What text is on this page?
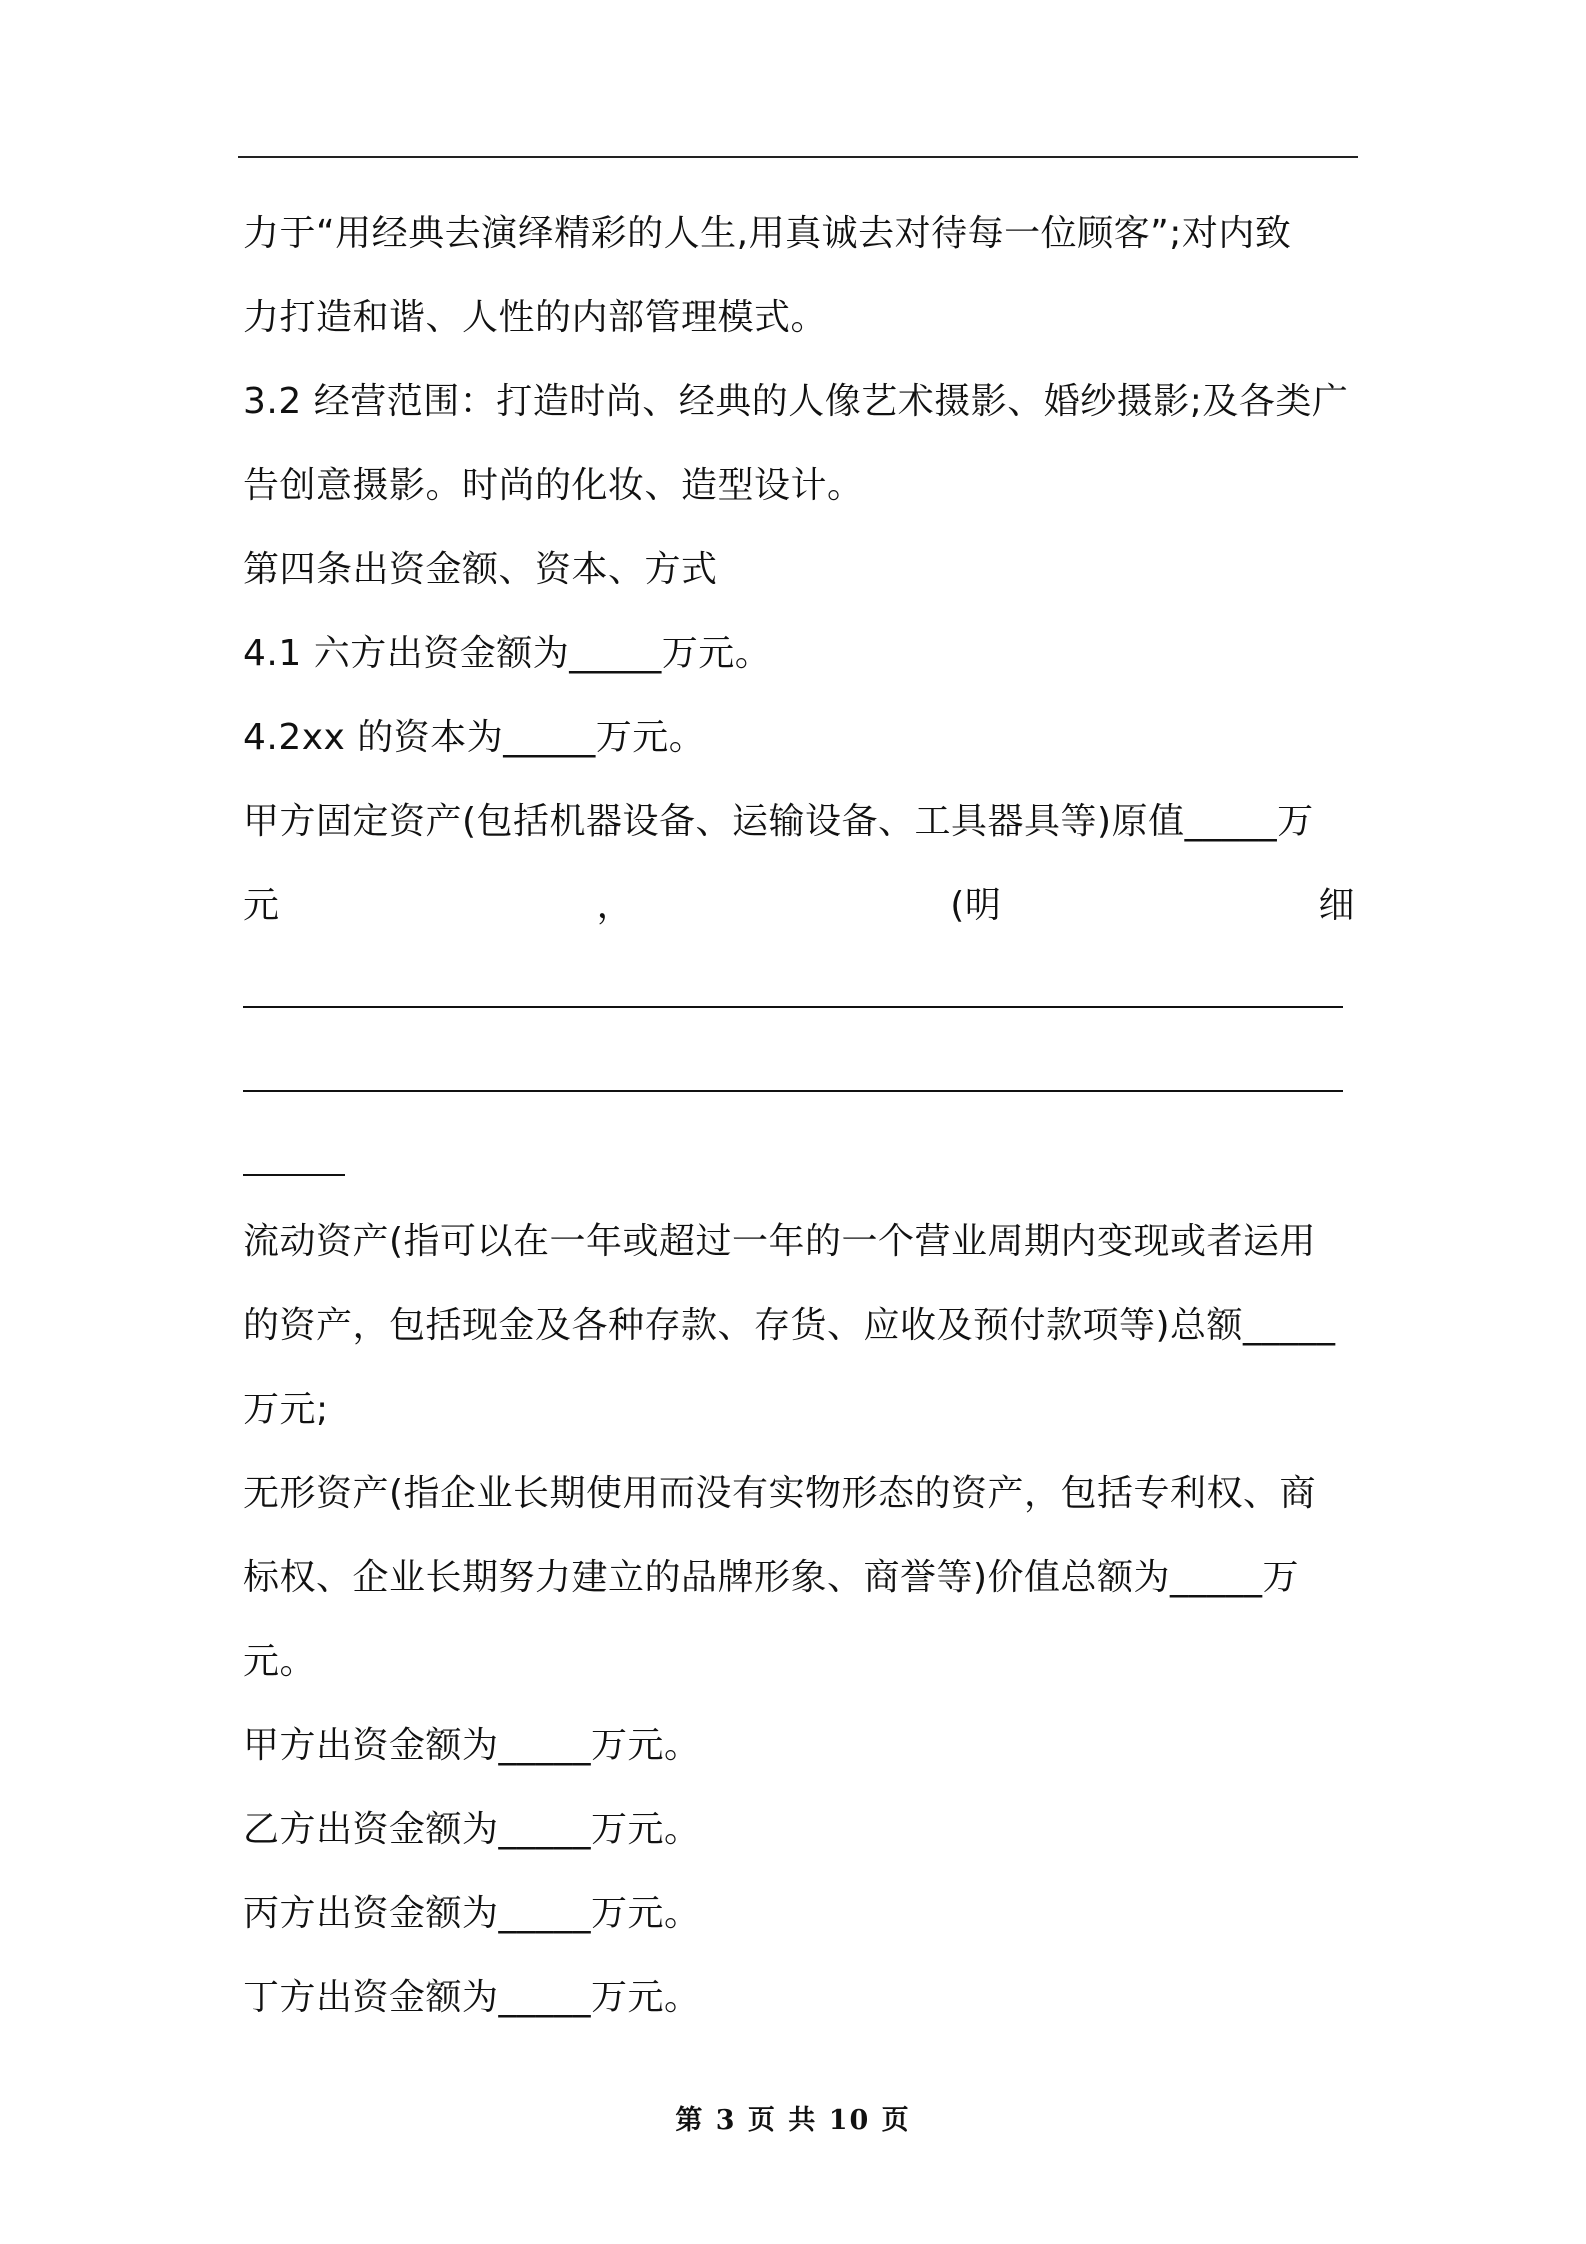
力于“用经典去演绎精彩的人生,用真诚去对待每一位顾客”;对内致
力打造和谐、人性的内部管理模式。
3.2 经营范围：打造时尚、经典的人像艺术摄影、婚纱摄影;及各类广
告创意摄影。时尚的化妆、造型设计。
第四条出资金额、资本、方式
4.1 六方出资金额为_____万元。
4.2xx 的资本为_____万元。
甲方固定资产(包括机器设备、运输设备、工具器具等)原值_____万
元	，	(明	细
流动资产(指可以在一年或超过一年的一个营业周期内变现或者运用
的资产，包括现金及各种存款、存货、应收及预付款项等)总额_____
万元;
无形资产(指企业长期使用而没有实物形态的资产，包括专利权、商
标权、企业长期努力建立的品牌形象、商誉等)价值总额为_____万
元。
甲方出资金额为_____万元。
乙方出资金额为_____万元。
丙方出资金额为_____万元。
丁方出资金额为_____万元。
第 3 页 共 10 页
